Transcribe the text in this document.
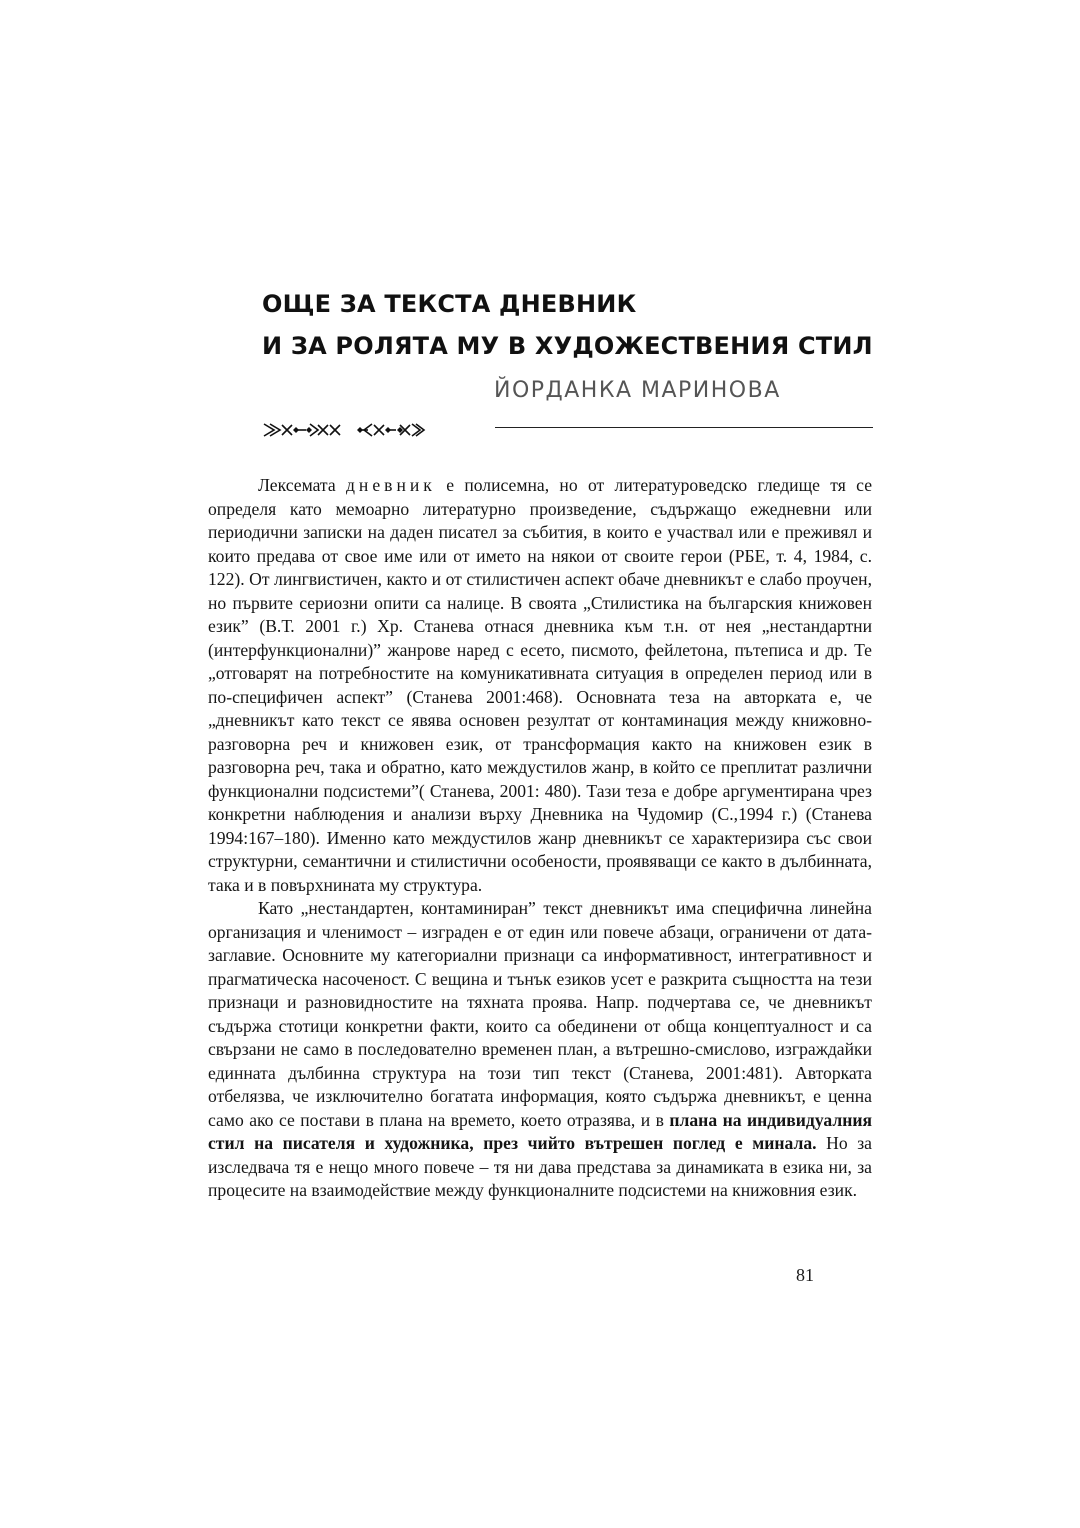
ОЩЕ ЗА ТЕКСТА ДНЕВНИК
И ЗА РОЛЯТА МУ В ХУДОЖЕСТВЕНИЯ СТИЛ
ЙОРДАНКА МАРИНОВА

Лексемата дневник е полисемна, но от литературоведско гледище тя се определя като мемоарно литературно произведение, съдържащо ежедневни или периодични записки на даден писател за събития, в които е участвал или е преживял и които предава от свое име или от името на някои от своите герои (РБЕ, т. 4, 1984, с. 122). От лингвистичен, както и от стилистичен аспект обаче дневникът е слабо проучен, но първите сериозни опити са налице. В своята „Стилистика на българския книжовен език” (В.Т. 2001 г.) Хр. Станева отнася дневника към т.н. от нея „нестандартни (интерфункционални)” жанрове наред с есето, писмото, фейлетона, пътеписа и др. Те „отговарят на потребностите на комуникативната ситуация в определен период или в по-специфичен аспект” (Станева 2001:468). Основната теза на авторката е, че „дневникът като текст се явява основен резултат от контаминация между книжовно-разговорна реч и книжовен език, от трансформация както на книжовен език в разговорна реч, така и обратно, като междустилов жанр, в който се преплитат различни функционални подсистеми”( Станева, 2001: 480). Тази теза е добре аргументирана чрез конкретни наблюдения и анализи върху Дневника на Чудомир (С.,1994 г.) (Станева 1994:167–180). Именно като междустилов жанр дневникът се характеризира със свои структурни, семантични и стилистични особености, проявяващи се както в дълбинната, така и в повърхнината му структура.

Като „нестандартен, контаминиран” текст дневникът има специфична линейна организация и членимост – изграден е от един или повече абзаци, ограничени от дата-заглавие. Основните му категориални признаци са информативност, интегративност и прагматическа насоченост. С вещина и тънък езиков усет е разкрита същността на тези признаци и разновидностите на тяхната проява. Напр. подчертава се, че дневникът съдържа стотици конкретни факти, които са обединени от обща концептуалност и са свързани не само в последователно временен план, а вътрешно-смислово, изграждайки единната дълбинна структура на този тип текст (Станева, 2001:481). Авторката отбелязва, че изключително богатата информация, която съдържа дневникът, е ценна само ако се постави в плана на времето, което отразява, и в плана на индивидуалния стил на писателя и художника, през чийто вътрешен поглед е минала. Но за изследвача тя е нещо много повече – тя ни дава представа за динамиката в езика ни, за процесите на взаимодействие между функционалните подсистеми на книжовния език.

81
